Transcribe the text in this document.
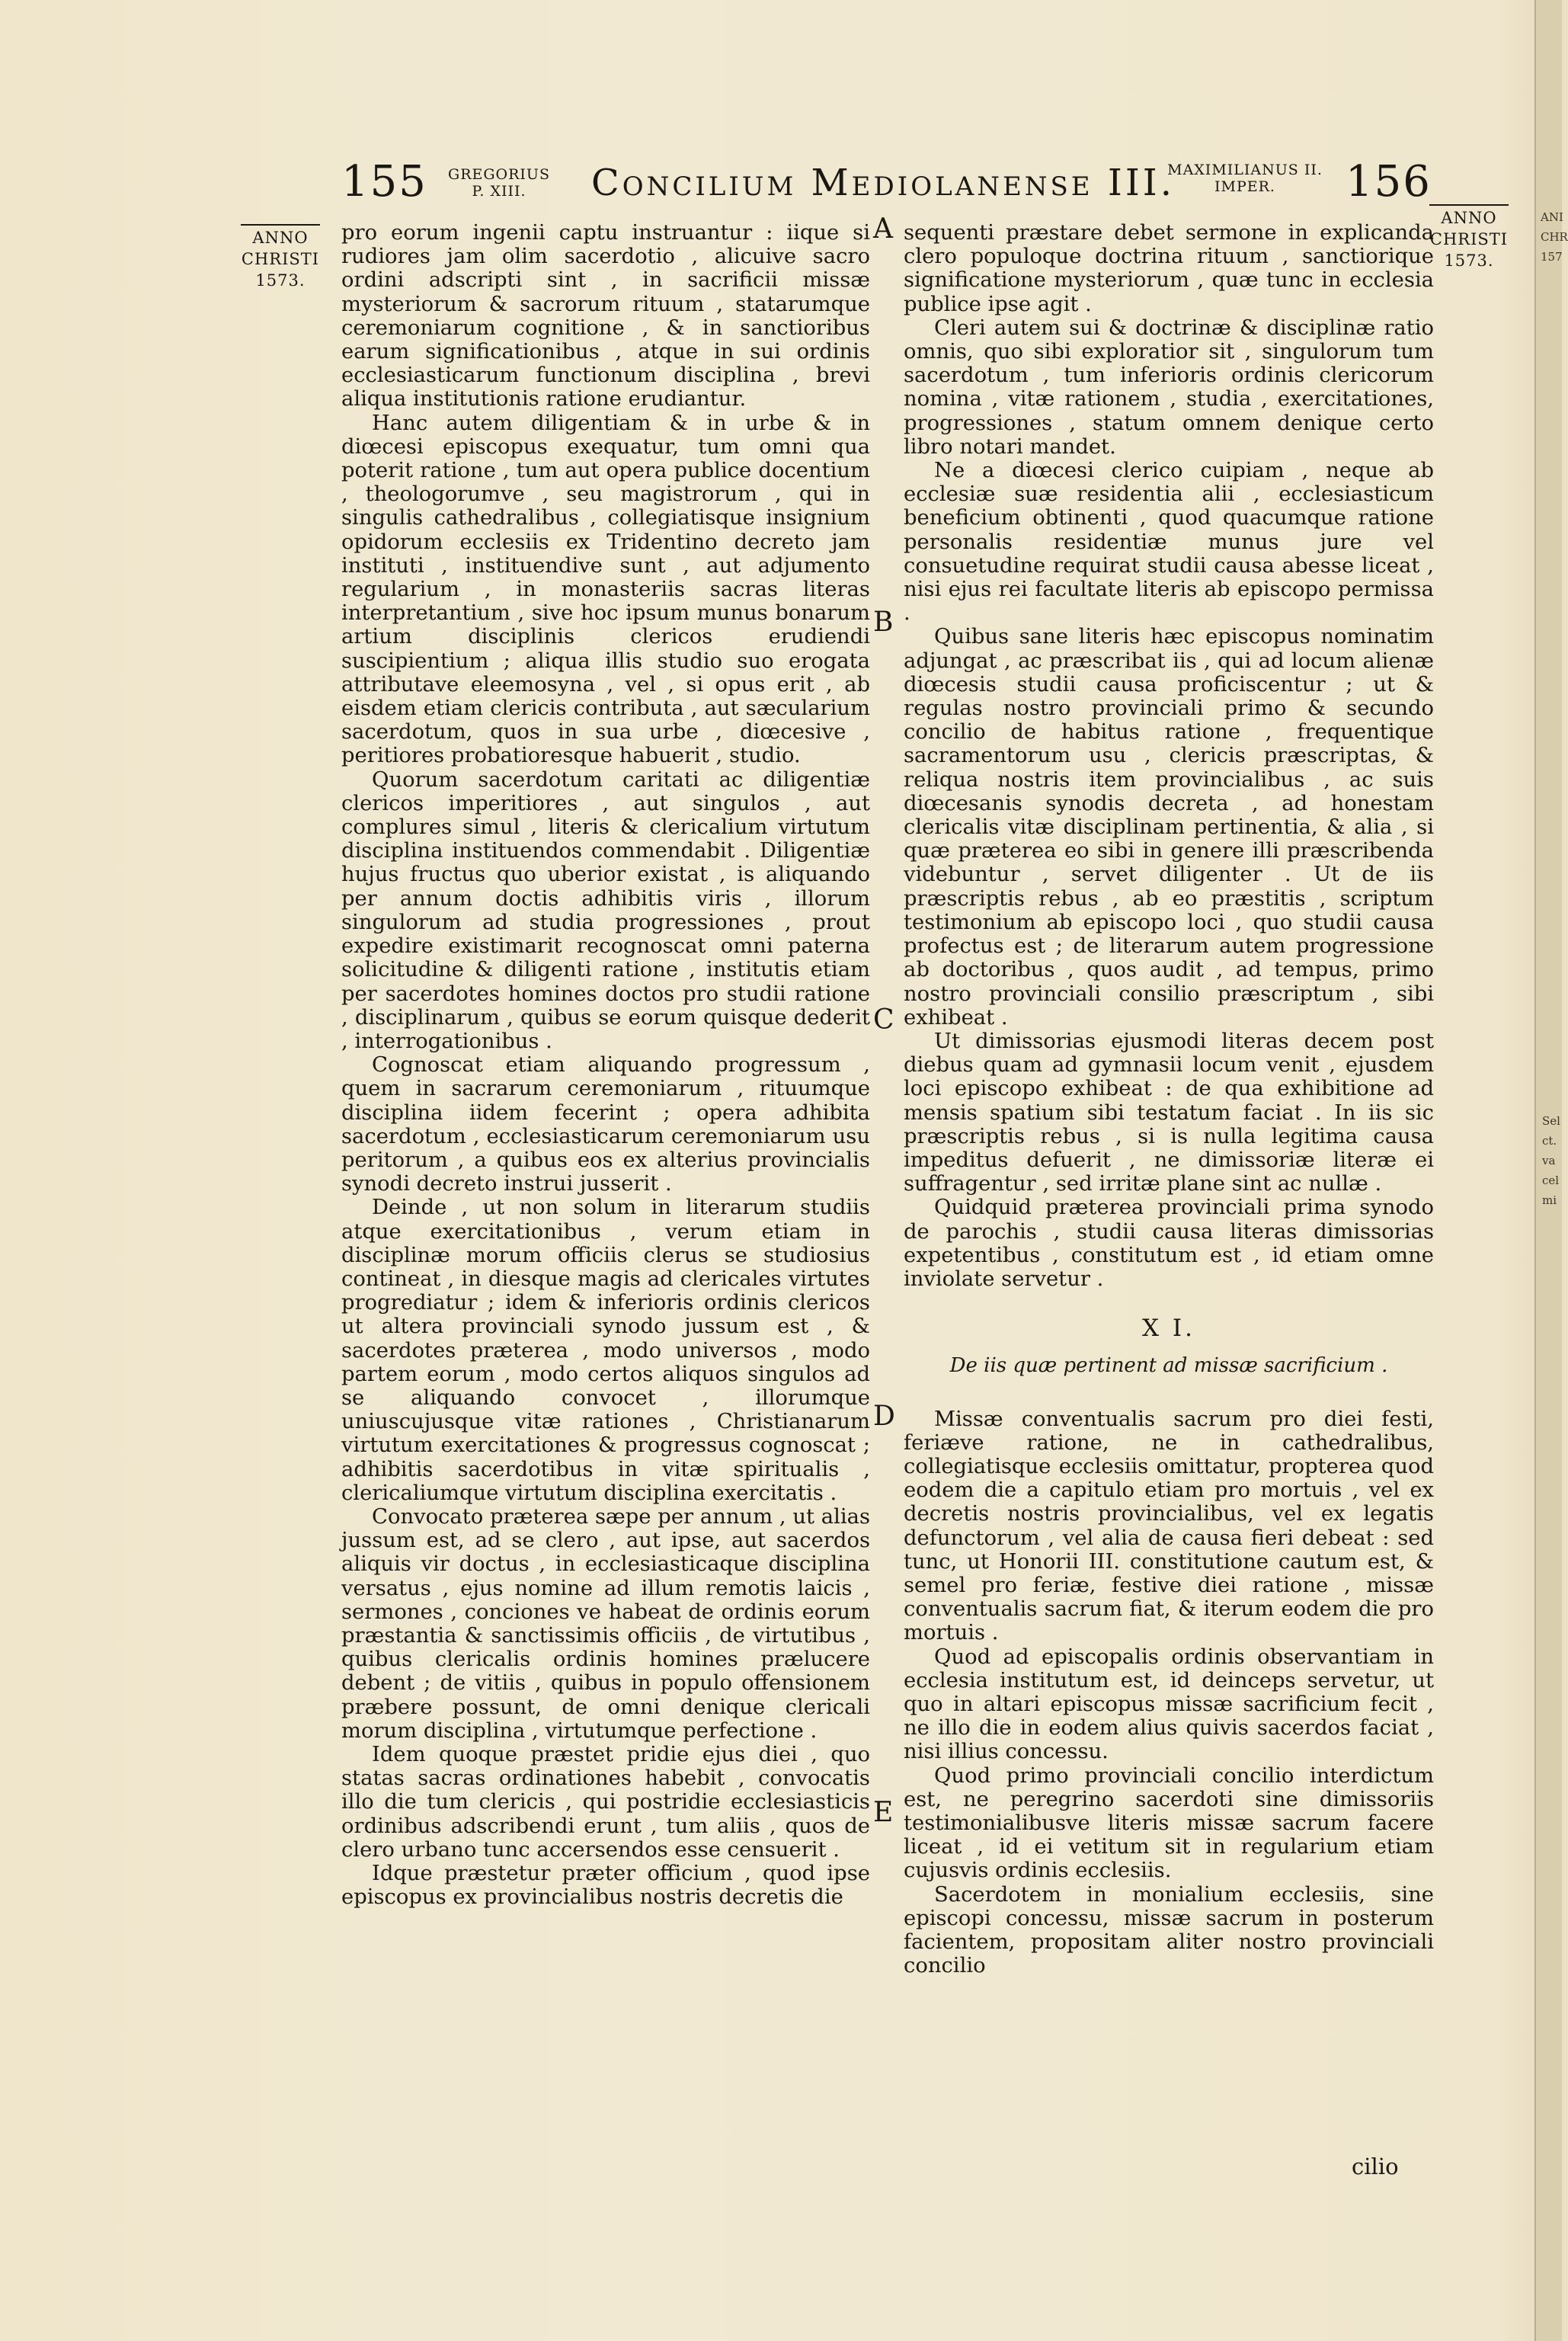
155	GREGORIUS
P. XIII.	Concilium Mediolanense III.
MAXIMILIANUS II.
IMPER.	156
ANNO
CHRISTI
1573.
ANNO
CHRISTI
1573.
A
B
C
D
E

pro eorum ingenii captu instruantur : iique si rudiores jam olim sacerdotio , alicuive sacro ordini adscripti sint , in sacrificii missæ mysteriorum & sacrorum rituum , statarumque ceremoniarum cognitione , & in sanctioribus earum significationibus , atque in sui ordinis ecclesiasticarum functionum disciplina , brevi aliqua institutionis ratione erudiantur.

Hanc autem diligentiam & in urbe & in diœcesi episcopus exequatur, tum omni qua poterit ratione , tum aut opera publice docentium , theologorumve , seu magistrorum , qui in singulis cathedralibus , collegiatisque insignium opidorum ecclesiis ex Tridentino decreto jam instituti , instituendive sunt , aut adjumento regularium , in monasteriis sacras literas interpretantium , sive hoc ipsum munus bonarum artium disciplinis clericos erudiendi suscipientium ; aliqua illis studio suo erogata attributave eleemosyna , vel , si opus erit , ab eisdem etiam clericis contributa , aut sæcularium sacerdotum, quos in sua urbe , diœcesive , peritiores probatioresque habuerit , studio.

Quorum sacerdotum caritati ac diligentiæ clericos imperitiores , aut singulos , aut complures simul , literis & clericalium virtutum disciplina instituendos commendabit . Diligentiæ hujus fructus quo uberior existat , is aliquando per annum doctis adhibitis viris , illorum singulorum ad studia progressiones , prout expedire existimarit recognoscat omni paterna solicitudine & diligenti ratione , institutis etiam per sacerdotes homines doctos pro studii ratione , disciplinarum , quibus se eorum quisque dederit , interrogationibus .

Cognoscat etiam aliquando progressum , quem in sacrarum ceremoniarum , rituumque disciplina iidem fecerint ; opera adhibita sacerdotum , ecclesiasticarum ceremoniarum usu peritorum , a quibus eos ex alterius provincialis synodi decreto instrui jusserit .

Deinde , ut non solum in literarum studiis atque exercitationibus , verum etiam in disciplinæ morum officiis clerus se studiosius contineat , in diesque magis ad clericales virtutes progrediatur ; idem & inferioris ordinis clericos ut altera provinciali synodo jussum est , & sacerdotes præterea , modo universos , modo partem eorum , modo certos aliquos singulos ad se aliquando convocet , illorumque uniuscujusque vitæ rationes , Christianarum virtutum exercitationes & progressus cognoscat ; adhibitis sacerdotibus in vitæ spiritualis , clericaliumque virtutum disciplina exercitatis .

Convocato præterea sæpe per annum , ut alias jussum est, ad se clero , aut ipse, aut sacerdos aliquis vir doctus , in ecclesiasticaque disciplina versatus , ejus nomine ad illum remotis laicis , sermones , conciones ve habeat de ordinis eorum præstantia & sanctissimis officiis , de virtutibus , quibus clericalis ordinis homines prælucere debent ; de vitiis , quibus in populo offensionem præbere possunt, de omni denique clericali morum disciplina , virtutumque perfectione .

Idem quoque præstet pridie ejus diei , quo statas sacras ordinationes habebit , convocatis illo die tum clericis , qui postridie ecclesiasticis ordinibus adscribendi erunt , tum aliis , quos de clero urbano tunc accersendos esse censuerit .

Idque præstetur præter officium , quod ipse episcopus ex provincialibus nostris decretis die

sequenti præstare debet sermone in explicanda clero populoque doctrina rituum , sanctiorique significatione mysteriorum , quæ tunc in ecclesia publice ipse agit .

Cleri autem sui & doctrinæ & disciplinæ ratio omnis, quo sibi exploratior sit , singulorum tum sacerdotum , tum inferioris ordinis clericorum nomina , vitæ rationem , studia , exercitationes, progressiones , statum omnem denique certo libro notari mandet.

Ne a diœcesi clerico cuipiam , neque ab ecclesiæ suæ residentia alii , ecclesiasticum beneficium obtinenti , quod quacumque ratione personalis residentiæ munus jure vel consuetudine requirat studii causa abesse liceat , nisi ejus rei facultate literis ab episcopo permissa .

Quibus sane literis hæc episcopus nominatim adjungat , ac præscribat iis , qui ad locum alienæ diœcesis studii causa proficiscentur ; ut & regulas nostro provinciali primo & secundo concilio de habitus ratione , frequentique sacramentorum usu , clericis præscriptas, & reliqua nostris item provincialibus , ac suis diœcesanis synodis decreta , ad honestam clericalis vitæ disciplinam pertinentia, & alia , si quæ præterea eo sibi in genere illi præscribenda videbuntur , servet diligenter . Ut de iis præscriptis rebus , ab eo præstitis , scriptum testimonium ab episcopo loci , quo studii causa profectus est ; de literarum autem progressione ab doctoribus , quos audit , ad tempus, primo nostro provinciali consilio præscriptum , sibi exhibeat .

Ut dimissorias ejusmodi literas decem post diebus quam ad gymnasii locum venit , ejusdem loci episcopo exhibeat : de qua exhibitione ad mensis spatium sibi testatum faciat . In iis sic præscriptis rebus , si is nulla legitima causa impeditus defuerit , ne dimissoriæ literæ ei suffragentur , sed irritæ plane sint ac nullæ .

Quidquid præterea provinciali prima synodo de parochis , studii causa literas dimissorias expetentibus , constitutum est , id etiam omne inviolate servetur .

X I.
De iis quæ pertinent ad missæ sacrificium .

Missæ conventualis sacrum pro diei festi, feriæve ratione, ne in cathedralibus, collegiatisque ecclesiis omittatur, propterea quod eodem die a capitulo etiam pro mortuis , vel ex decretis nostris provincialibus, vel ex legatis defunctorum , vel alia de causa fieri debeat : sed tunc, ut Honorii III. constitutione cautum est, & semel pro feriæ, festive diei ratione , missæ conventualis sacrum fiat, & iterum eodem die pro mortuis .

Quod ad episcopalis ordinis observantiam in ecclesia institutum est, id deinceps servetur, ut quo in altari episcopus missæ sacrificium fecit , ne illo die in eodem alius quivis sacerdos faciat , nisi illius concessu.

Quod primo provinciali concilio interdictum est, ne peregrino sacerdoti sine dimissoriis testimonialibusve literis missæ sacrum facere liceat , id ei vetitum sit in regularium etiam cujusvis ordinis ecclesiis.

Sacerdotem in monialium ecclesiis, sine episcopi concessu, missæ sacrum in posterum facientem, propositam aliter nostro provinciali concilio

cilio
ANI
CHR
157
Sel
ct.
va
cel
mi
